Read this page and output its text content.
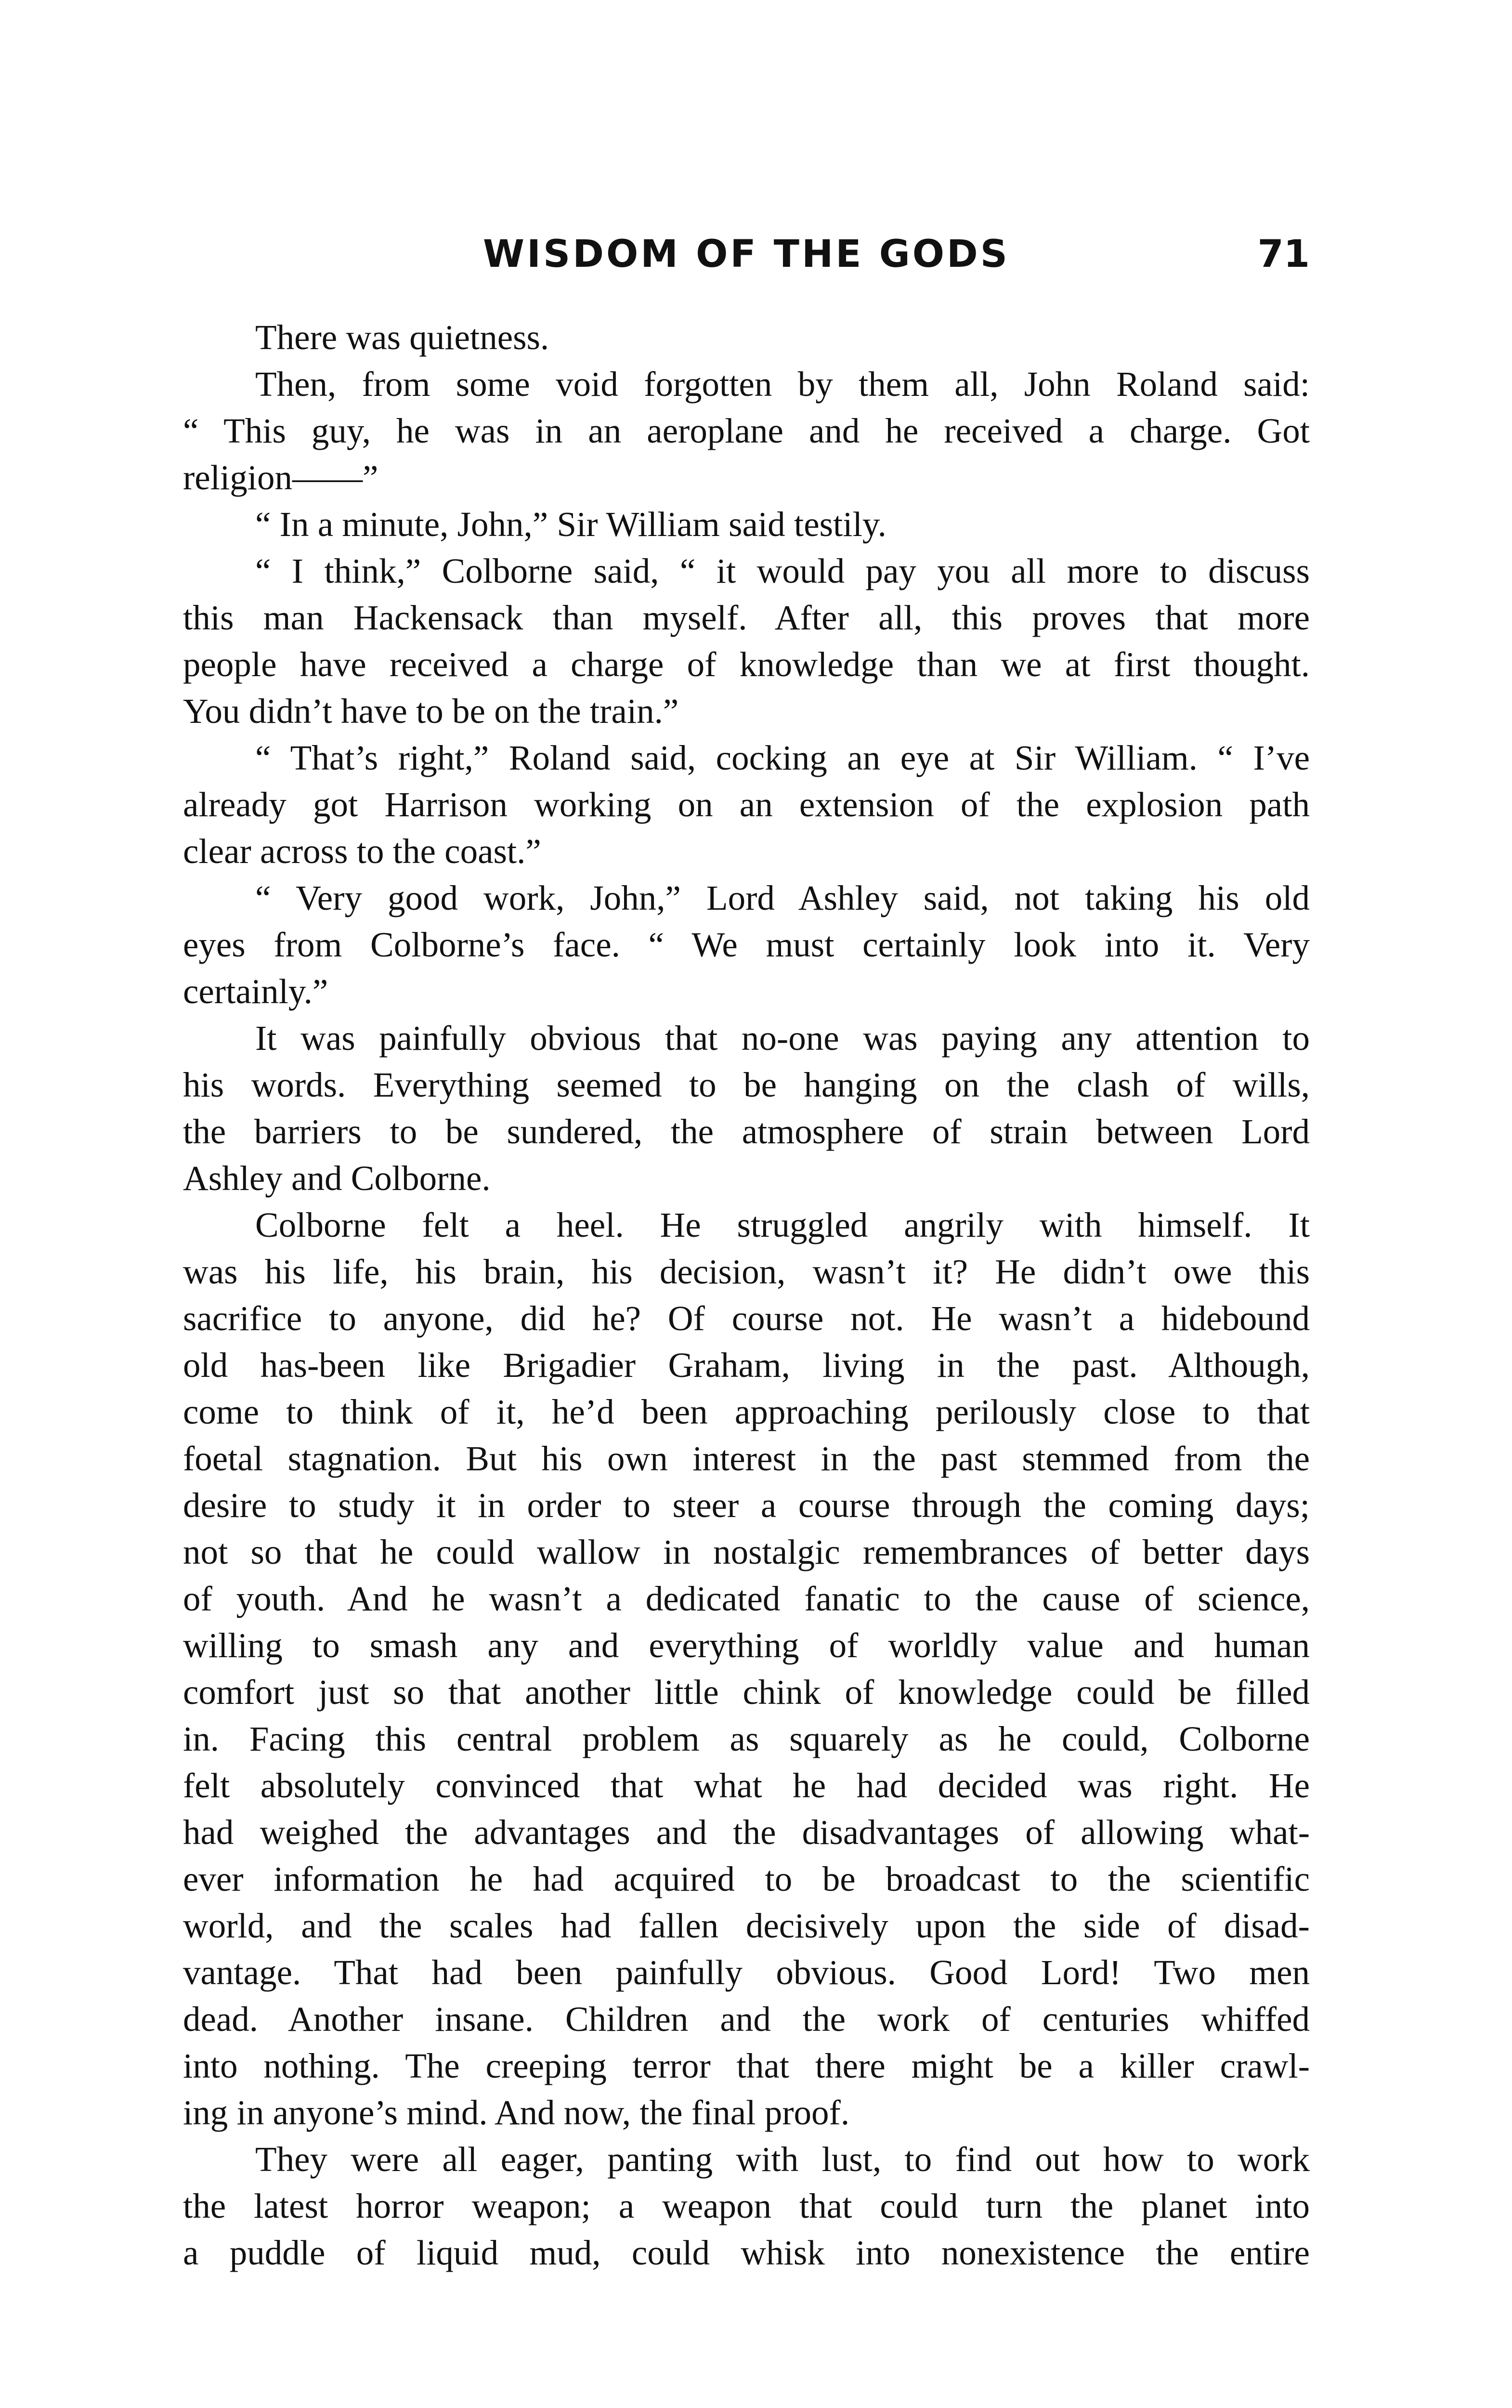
WISDOM OF THE GODS	71
There was quietness.
Then, from some void forgotten by them all, John Roland said:
“ This guy, he was in an aeroplane and he received a charge. Got
religion——”
“ In a minute, John,” Sir William said testily.
“ I think,” Colborne said, “ it would pay you all more to discuss
this man Hackensack than myself. After all, this proves that more
people have received a charge of knowledge than we at first thought.
You didn’t have to be on the train.”
“ That’s right,” Roland said, cocking an eye at Sir William. “ I’ve
already got Harrison working on an extension of the explosion path
clear across to the coast.”
“ Very good work, John,” Lord Ashley said, not taking his old
eyes from Colborne’s face. “ We must certainly look into it. Very
certainly.”
It was painfully obvious that no-one was paying any attention to
his words. Everything seemed to be hanging on the clash of wills,
the barriers to be sundered, the atmosphere of strain between Lord
Ashley and Colborne.
Colborne felt a heel. He struggled angrily with himself. It
was his life, his brain, his decision, wasn’t it? He didn’t owe this
sacrifice to anyone, did he? Of course not. He wasn’t a hidebound
old has-been like Brigadier Graham, living in the past. Although,
come to think of it, he’d been approaching perilously close to that
foetal stagnation. But his own interest in the past stemmed from the
desire to study it in order to steer a course through the coming days;
not so that he could wallow in nostalgic remembrances of better days
of youth. And he wasn’t a dedicated fanatic to the cause of science,
willing to smash any and everything of worldly value and human
comfort just so that another little chink of knowledge could be filled
in. Facing this central problem as squarely as he could, Colborne
felt absolutely convinced that what he had decided was right. He
had weighed the advantages and the disadvantages of allowing what-
ever information he had acquired to be broadcast to the scientific
world, and the scales had fallen decisively upon the side of disad-
vantage. That had been painfully obvious. Good Lord! Two men
dead. Another insane. Children and the work of centuries whiffed
into nothing. The creeping terror that there might be a killer crawl-
ing in anyone’s mind. And now, the final proof.
They were all eager, panting with lust, to find out how to work
the latest horror weapon; a weapon that could turn the planet into
a puddle of liquid mud, could whisk into nonexistence the entire
